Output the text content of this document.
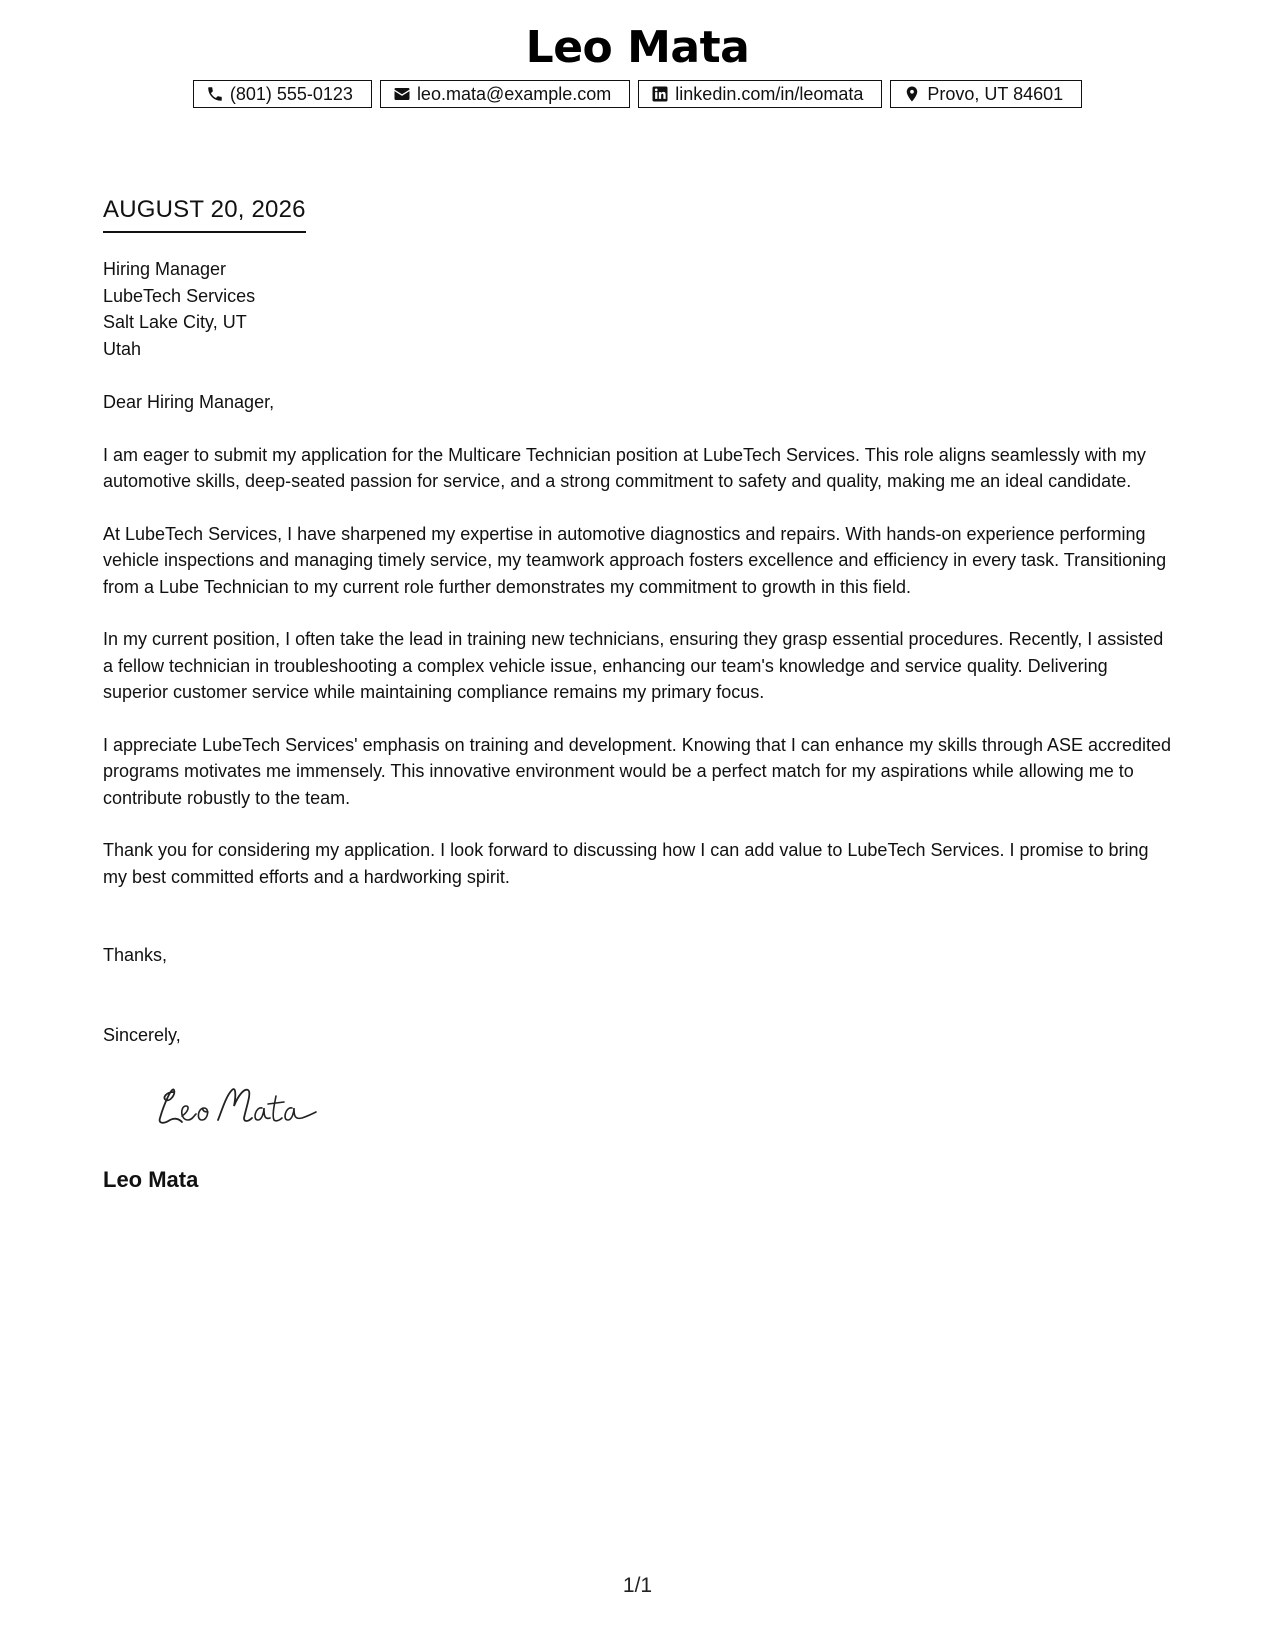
Leo Mata
(801) 555-0123	leo.mata@example.com	linkedin.com/in/leomata	Provo, UT 84601
AUGUST 20, 2026
Hiring Manager
LubeTech Services
Salt Lake City, UT
Utah

Dear Hiring Manager,

I am eager to submit my application for the Multicare Technician position at LubeTech Services. This role aligns seamlessly with my automotive skills, deep-seated passion for service, and a strong commitment to safety and quality, making me an ideal candidate.

At LubeTech Services, I have sharpened my expertise in automotive diagnostics and repairs. With hands-on experience performing vehicle inspections and managing timely service, my teamwork approach fosters excellence and efficiency in every task. Transitioning from a Lube Technician to my current role further demonstrates my commitment to growth in this field.

In my current position, I often take the lead in training new technicians, ensuring they grasp essential procedures. Recently, I assisted a fellow technician in troubleshooting a complex vehicle issue, enhancing our team's knowledge and service quality. Delivering superior customer service while maintaining compliance remains my primary focus.

I appreciate LubeTech Services' emphasis on training and development. Knowing that I can enhance my skills through ASE accredited programs motivates me immensely. This innovative environment would be a perfect match for my aspirations while allowing me to contribute robustly to the team.

Thank you for considering my application. I look forward to discussing how I can add value to LubeTech Services. I promise to bring my best committed efforts and a hardworking spirit.

Thanks,
Sincerely,
Leo Mata
1/1
